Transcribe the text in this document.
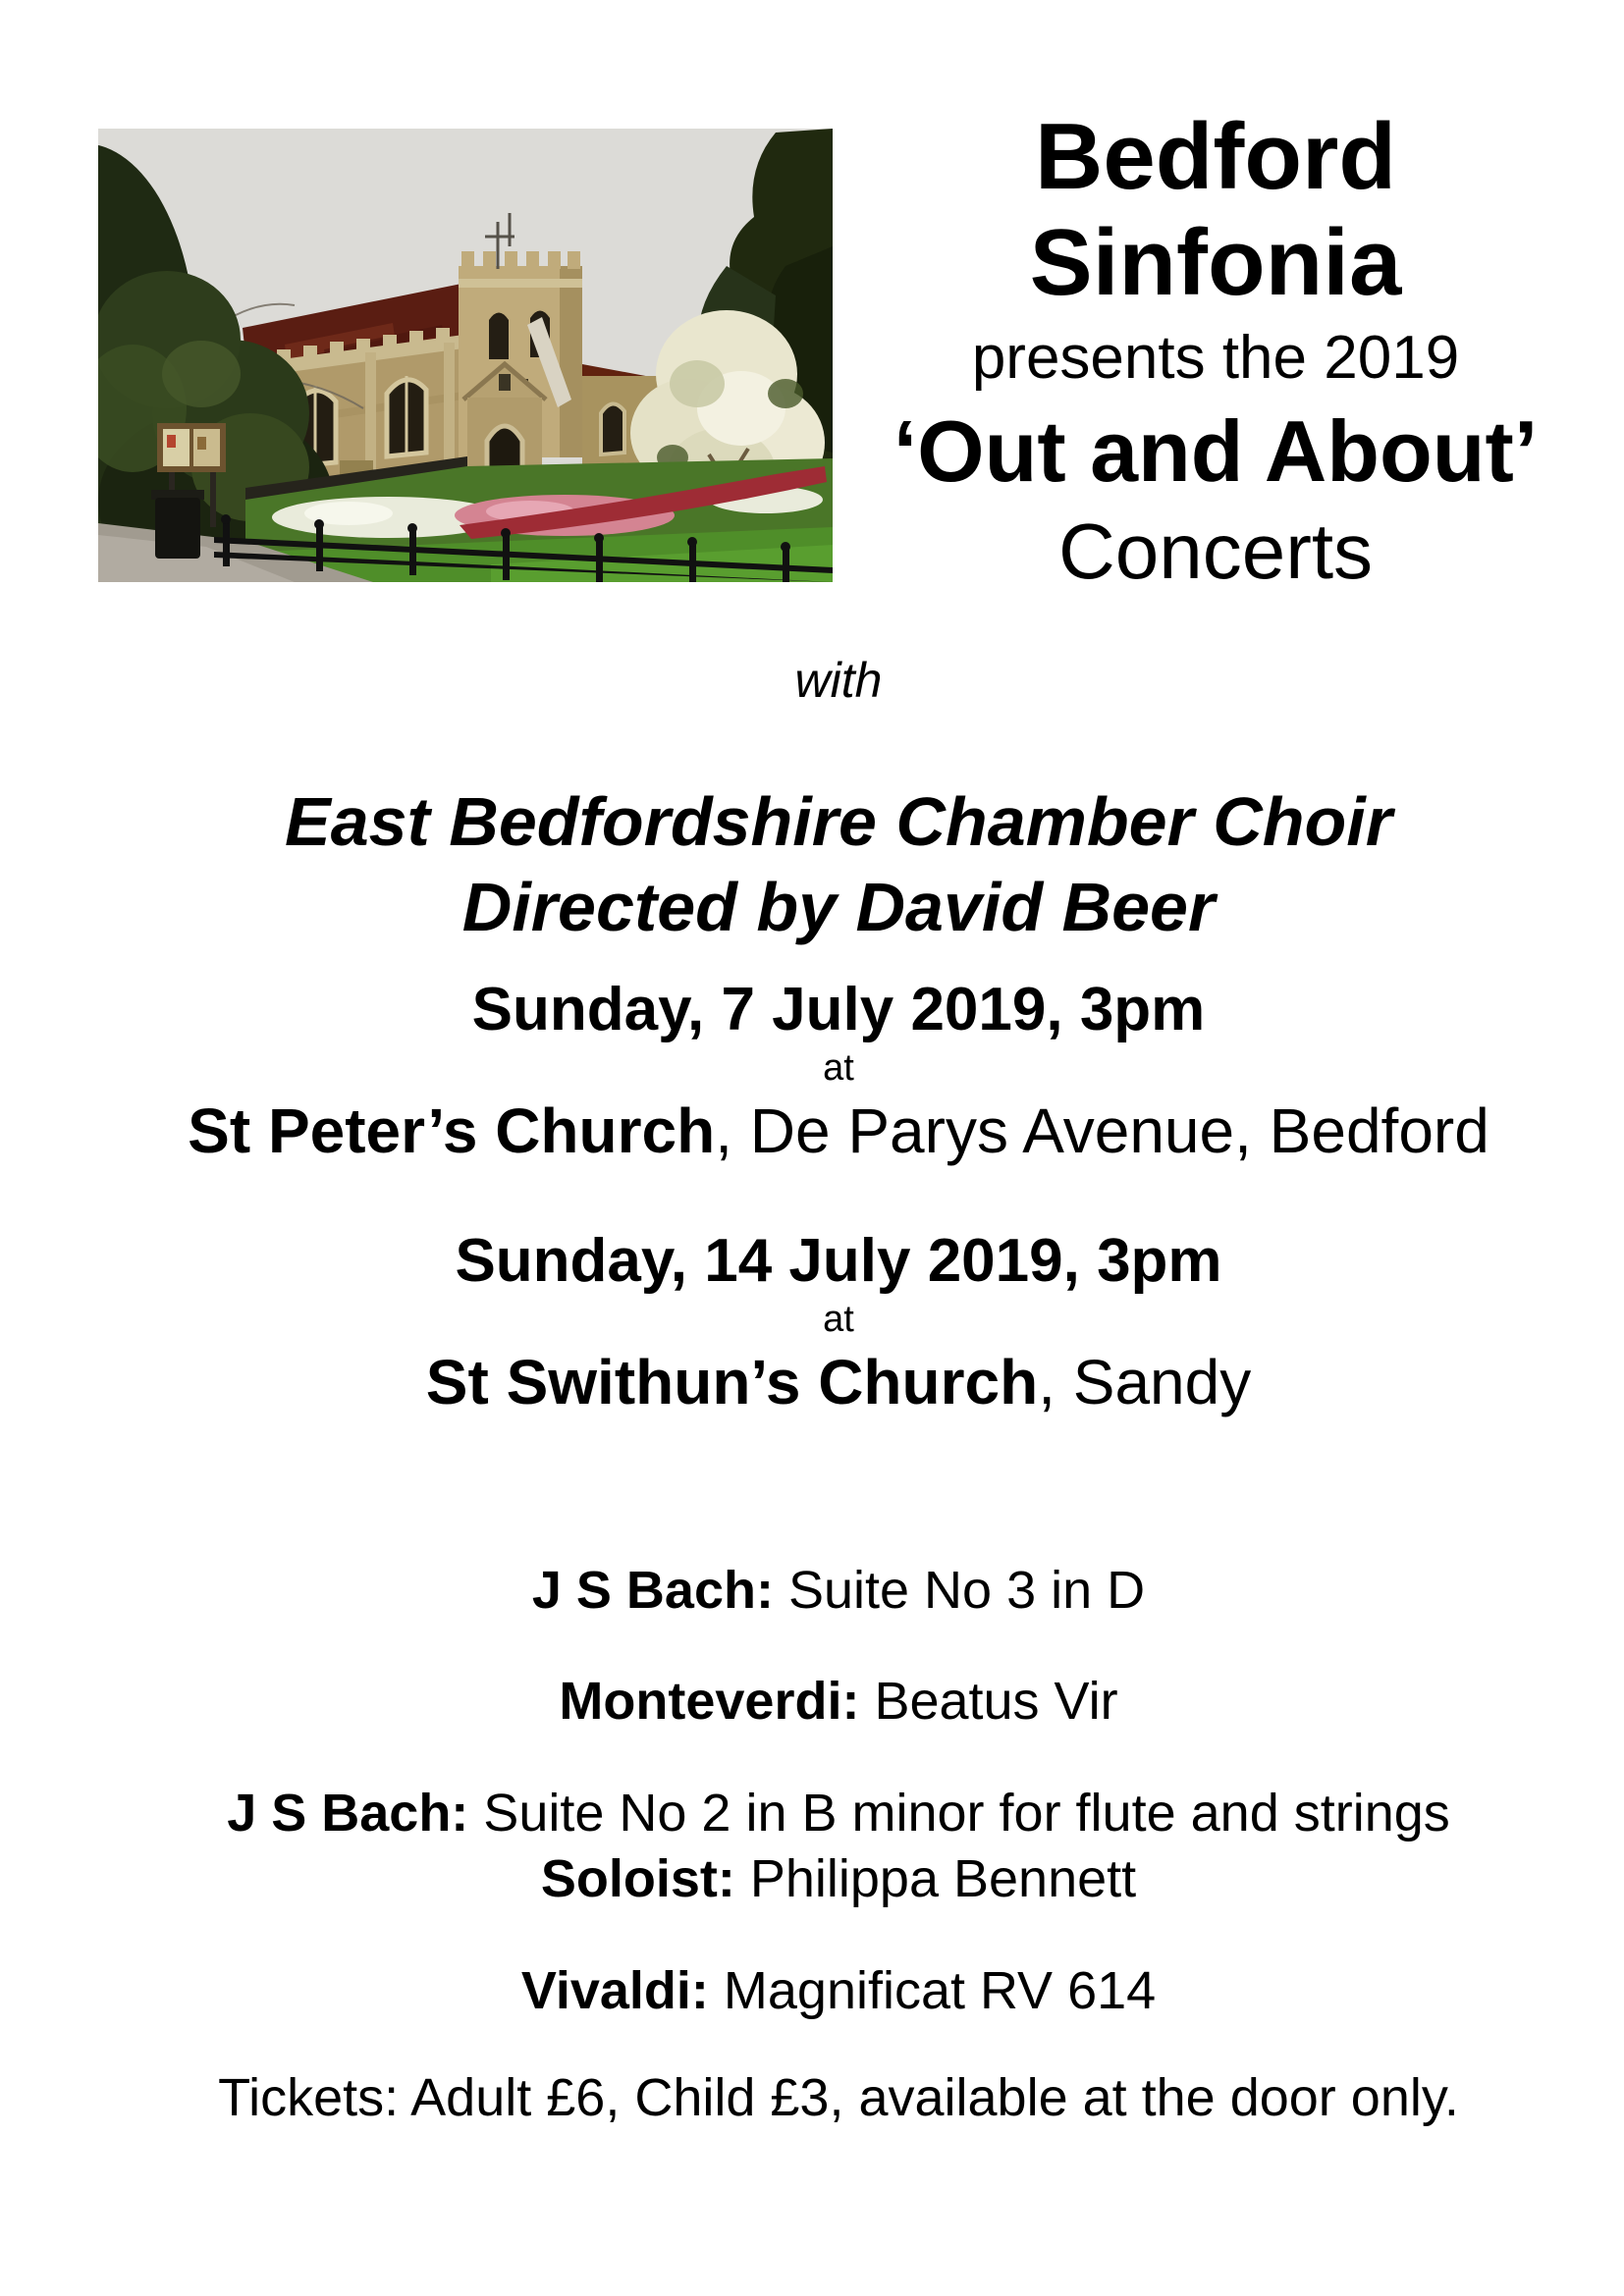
Bedford
Sinfonia
presents the 2019
‘Out and About’
Concerts
with
East Bedfordshire Chamber Choir
Directed by David Beer
Sunday, 7 July 2019, 3pm
at
St Peter’s Church, De Parys Avenue, Bedford
Sunday, 14 July 2019, 3pm
at
St Swithun’s Church, Sandy
J S Bach: Suite No 3 in D
Monteverdi: Beatus Vir
J S Bach: Suite No 2 in B minor for flute and strings
Soloist: Philippa Bennett
Vivaldi: Magnificat RV 614
Tickets: Adult £6, Child £3, available at the door only.
